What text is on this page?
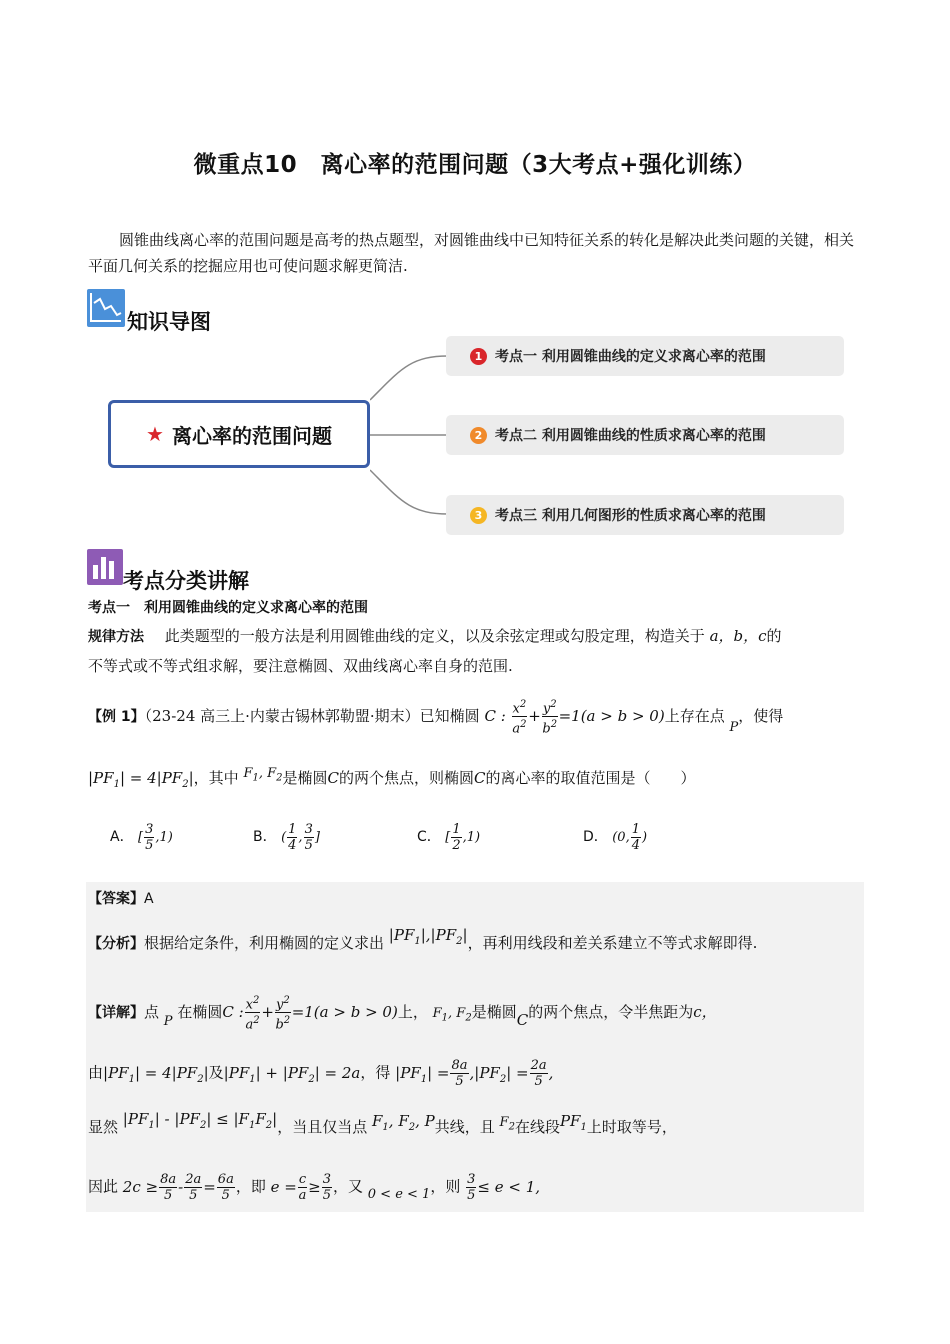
微重点10　离心率的范围问题（3大考点+强化训练）
圆锥曲线离心率的范围问题是高考的热点题型，对圆锥曲线中已知特征关系的转化是解决此类问题的关键，相关平面几何关系的挖掘应用也可使问题求解更简洁.
知识导图
★ 离心率的范围问题
1 考点一 利用圆锥曲线的定义求离心率的范围
2 考点二 利用圆锥曲线的性质求离心率的范围
3 考点三 利用几何图形的性质求离心率的范围
考点分类讲解
考点一　利用圆锥曲线的定义求离心率的范围
规律方法 此类题型的一般方法是利用圆锥曲线的定义，以及余弦定理或勾股定理，构造关于 a，b，c的
不等式或不等式组求解，要注意椭圆、双曲线离心率自身的范围.
【例 1】（23-24 高三上·内蒙古锡林郭勒盟·期末）已知椭圆 C : $\frac{x^2}{a^2} + \frac{y^2}{b^2} =1(a > b > 0)$上存在点 P，使得
$|PF_1| = 4|PF_2|$，其中 $F_1$, $F_2$是椭圆C的两个焦点，则椭圆C的离心率的取值范围是（　　）
A． [ $\frac{3}{5} ,1$)	B． ( $\frac{1}{4}$ , $\frac{3}{5}$ ]	C． [ $\frac{1}{2} ,1$)	D． (0, $\frac{1}{4}$ )
【答案】A
【分析】根据给定条件，利用椭圆的定义求出 $|PF_1|,|PF_2|$，再利用线段和差关系建立不等式求解即得.
【详解】点 P 在椭圆C : $\frac{x^2}{a^2} + \frac{y^2}{b^2} =1(a > b > 0)$上， $F_1$, $F_2$是椭圆C的两个焦点，令半焦距为c，
由$|PF_1| = 4|PF_2|$及$|PF_1| + |PF_2| = 2a$，得 $|PF_1| = \frac{8a}{5} ,|PF_2| = \frac{2a}{5}$ ,
显然 $|PF_1| - |PF_2| \le |F_1F_2|$，当且仅当点 $F_1$, $F_2$, P共线，且 $F_2$在线段$PF_1$上时取等号，
因此 $2c \ge \frac{8a}{5} - \frac{2a}{5} = \frac{6a}{5}$ ，即 $e = \frac{c}{a} \ge \frac{3}{5}$ ，又 0 < e < 1，则 $\frac{3}{5} \le e < 1$,
